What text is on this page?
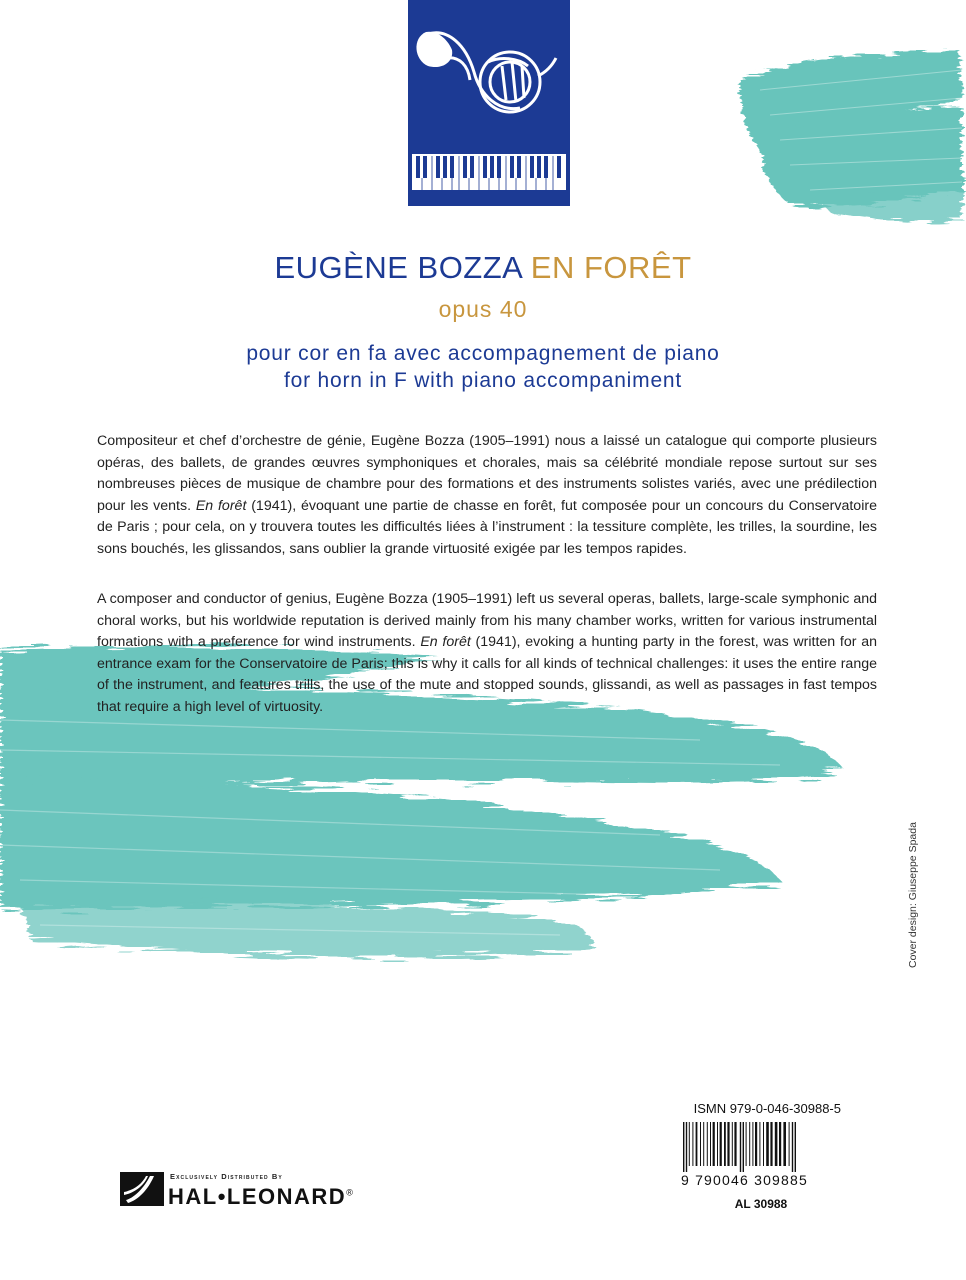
EUGÈNE BOZZA EN FORÊT
opus 40
pour cor en fa avec accompagnement de piano
for horn in F with piano accompaniment
Compositeur et chef d’orchestre de génie, Eugène Bozza (1905–1991) nous a laissé un catalogue qui comporte plusieurs opéras, des ballets, de grandes œuvres symphoniques et chorales, mais sa célébrité mondiale repose surtout sur ses nombreuses pièces de musique de chambre pour des formations et des instruments solistes variés, avec une prédilection pour les vents. En forêt (1941), évoquant une partie de chasse en forêt, fut composée pour un concours du Conservatoire de Paris ; pour cela, on y trouvera toutes les difficultés liées à l’instrument : la tessiture complète, les trilles, la sourdine, les sons bouchés, les glissandos, sans oublier la grande virtuosité exigée par les tempos rapides.
A composer and conductor of genius, Eugène Bozza (1905–1991) left us several operas, ballets, large-scale symphonic and choral works, but his worldwide reputation is derived mainly from his many chamber works, written for various instrumental formations with a preference for wind instruments. En forêt (1941), evoking a hunting party in the forest, was written for an entrance exam for the Conservatoire de Paris; this is why it calls for all kinds of technical challenges: it uses the entire range of the instrument, and features trills, the use of the mute and stopped sounds, glissandi, as well as passages in fast tempos that require a high level of virtuosity.
Cover design: Giuseppe Spada
ISMN 979-0-046-30988-5
9 790046 309885
AL 30988
Exclusively Distributed By
HAL•LEONARD®
